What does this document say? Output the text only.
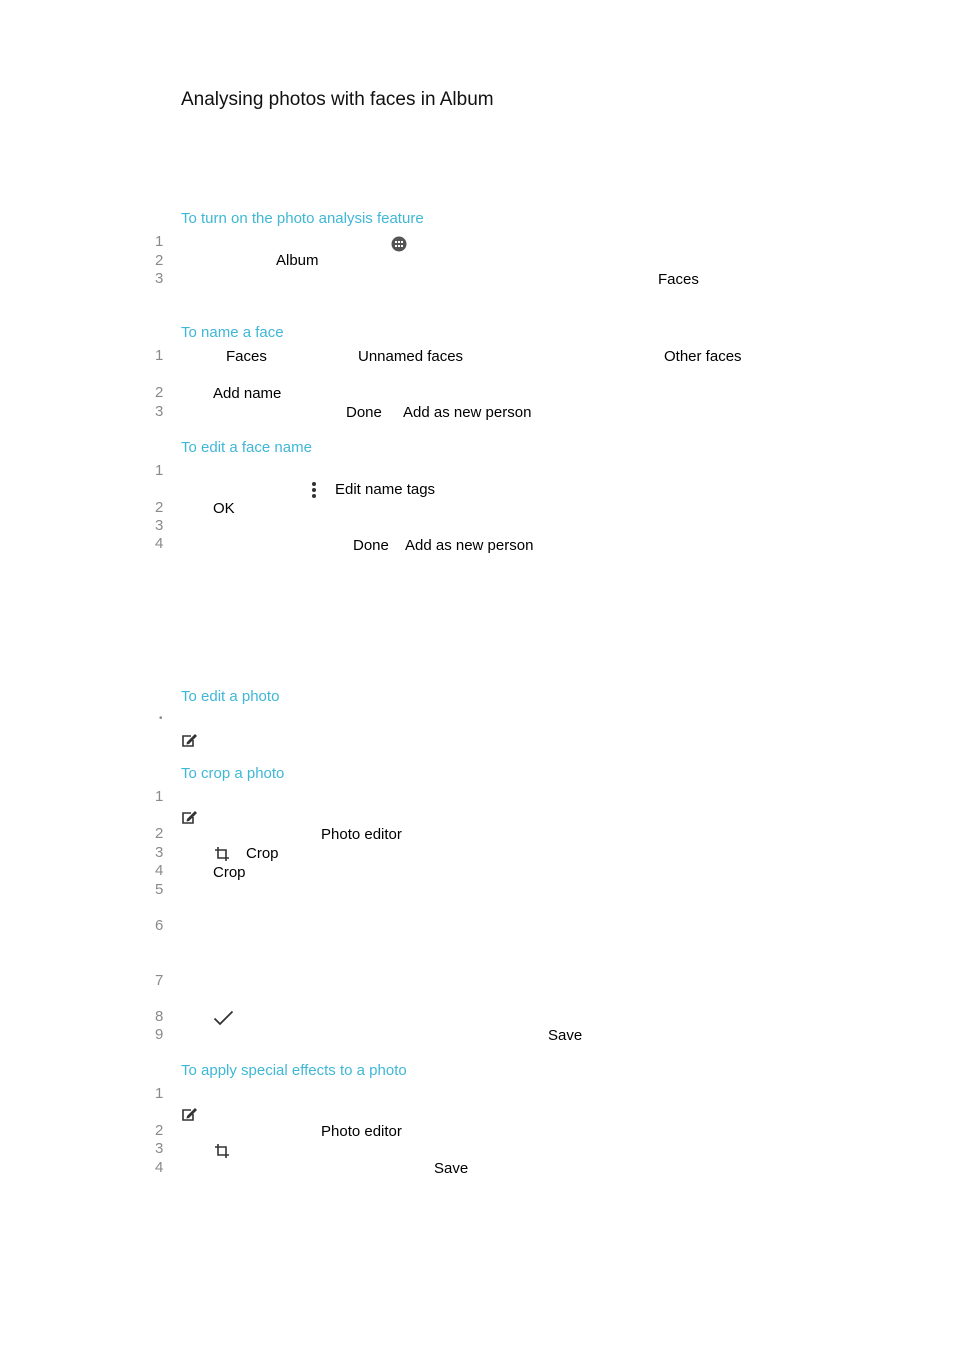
Analysing photos with faces in Album
To turn on the photo analysis feature
1
2	Album
3	Faces
To name a face
1	Faces	Unnamed faces	Other faces
2	Add name
3	Done Add as new person
To edit a face name
1
Edit name tags
2	OK
3
4	Done Add as new person
To edit a photo
•
To crop a photo
1
2	Photo editor
3	Crop
4	Crop
5
6
7
8
9	Save
To apply special effects to a photo
1
2	Photo editor
3
4	Save
